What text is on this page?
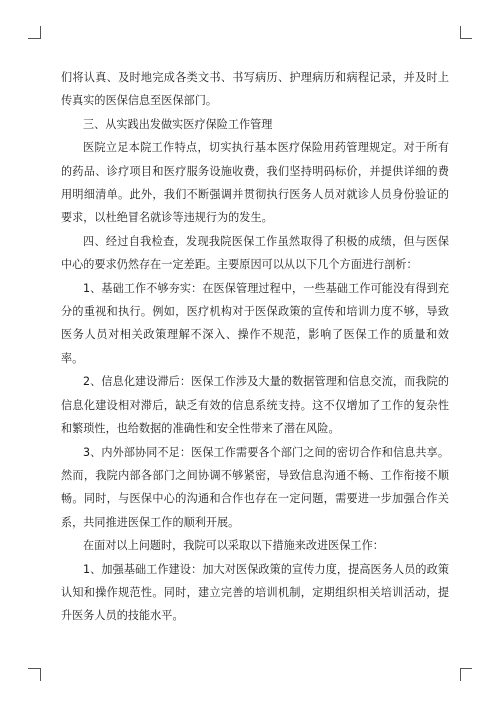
们将认真、及时地完成各类文书、书写病历、护理病历和病程记录，并及时上传真实的医保信息至医保部门。

三、从实践出发做实医疗保险工作管理

医院立足本院工作特点，切实执行基本医疗保险用药管理规定。对于所有的药品、诊疗项目和医疗服务设施收费，我们坚持明码标价，并提供详细的费用明细清单。此外，我们不断强调并贯彻执行医务人员对就诊人员身份验证的要求，以杜绝冒名就诊等违规行为的发生。

四、经过自我检查，发现我院医保工作虽然取得了积极的成绩，但与医保中心的要求仍然存在一定差距。主要原因可以从以下几个方面进行剖析：

1、基础工作不够夯实：在医保管理过程中，一些基础工作可能没有得到充分的重视和执行。例如，医疗机构对于医保政策的宣传和培训力度不够，导致医务人员对相关政策理解不深入、操作不规范，影响了医保工作的质量和效率。

2、信息化建设滞后：医保工作涉及大量的数据管理和信息交流，而我院的信息化建设相对滞后，缺乏有效的信息系统支持。这不仅增加了工作的复杂性和繁琐性，也给数据的准确性和安全性带来了潜在风险。

3、内外部协同不足：医保工作需要各个部门之间的密切合作和信息共享。然而，我院内部各部门之间协调不够紧密，导致信息沟通不畅、工作衔接不顺畅。同时，与医保中心的沟通和合作也存在一定问题，需要进一步加强合作关系，共同推进医保工作的顺利开展。

在面对以上问题时，我院可以采取以下措施来改进医保工作：

1、加强基础工作建设：加大对医保政策的宣传力度，提高医务人员的政策认知和操作规范性。同时，建立完善的培训机制，定期组织相关培训活动，提升医务人员的技能水平。
